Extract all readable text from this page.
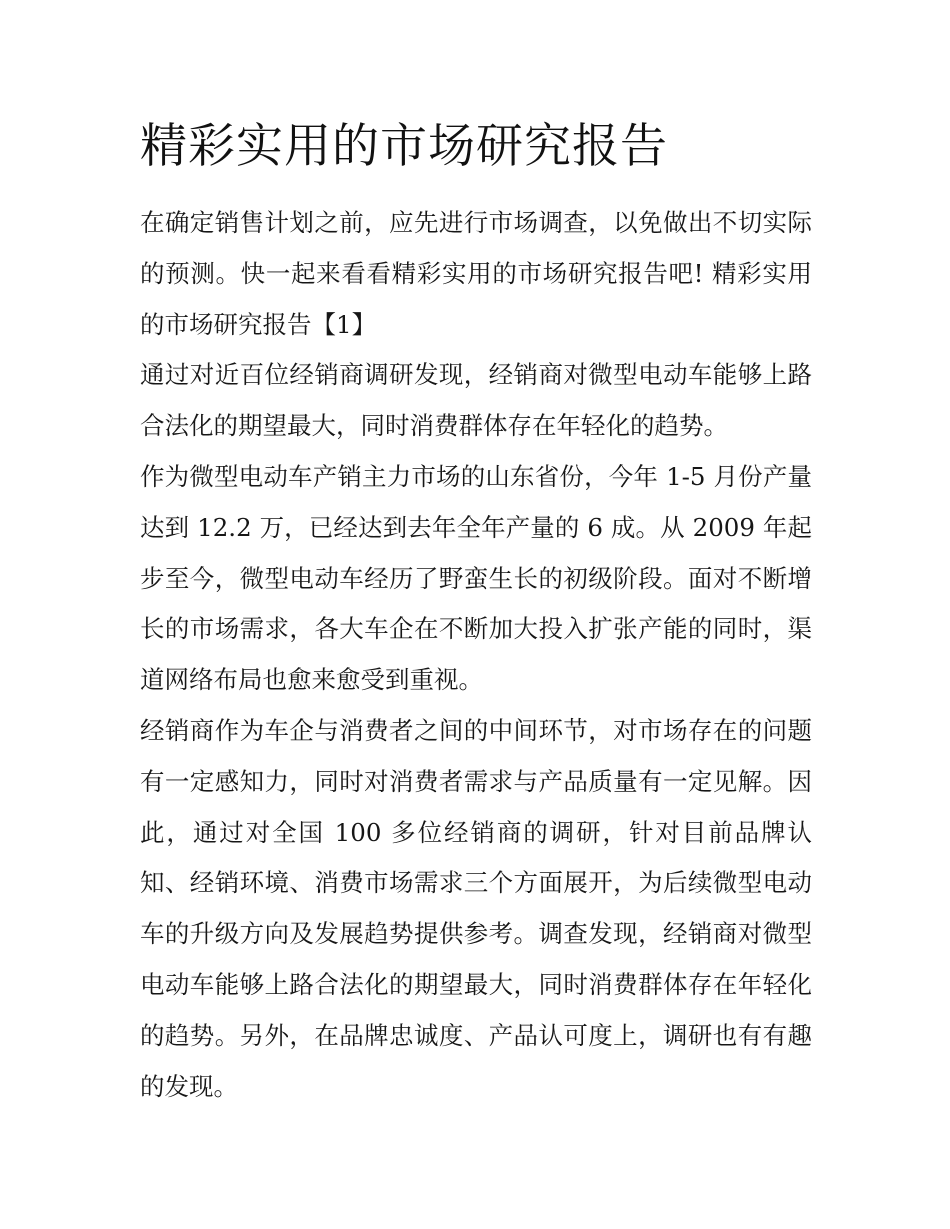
精彩实用的市场研究报告

在确定销售计划之前，应先进行市场调查，以免做出不切实际的预测。快一起来看看精彩实用的市场研究报告吧! 精彩实用的市场研究报告【1】

通过对近百位经销商调研发现，经销商对微型电动车能够上路合法化的期望最大，同时消费群体存在年轻化的趋势。

作为微型电动车产销主力市场的山东省份，今年 1-5 月份产量达到 12.2 万，已经达到去年全年产量的 6 成。从 2009 年起步至今，微型电动车经历了野蛮生长的初级阶段。面对不断增长的市场需求，各大车企在不断加大投入扩张产能的同时，渠道网络布局也愈来愈受到重视。

经销商作为车企与消费者之间的中间环节，对市场存在的问题有一定感知力，同时对消费者需求与产品质量有一定见解。因此，通过对全国 100 多位经销商的调研，针对目前品牌认知、经销环境、消费市场需求三个方面展开，为后续微型电动车的升级方向及发展趋势提供参考。调查发现，经销商对微型电动车能够上路合法化的期望最大，同时消费群体存在年轻化的趋势。另外，在品牌忠诚度、产品认可度上，调研也有有趣的发现。
